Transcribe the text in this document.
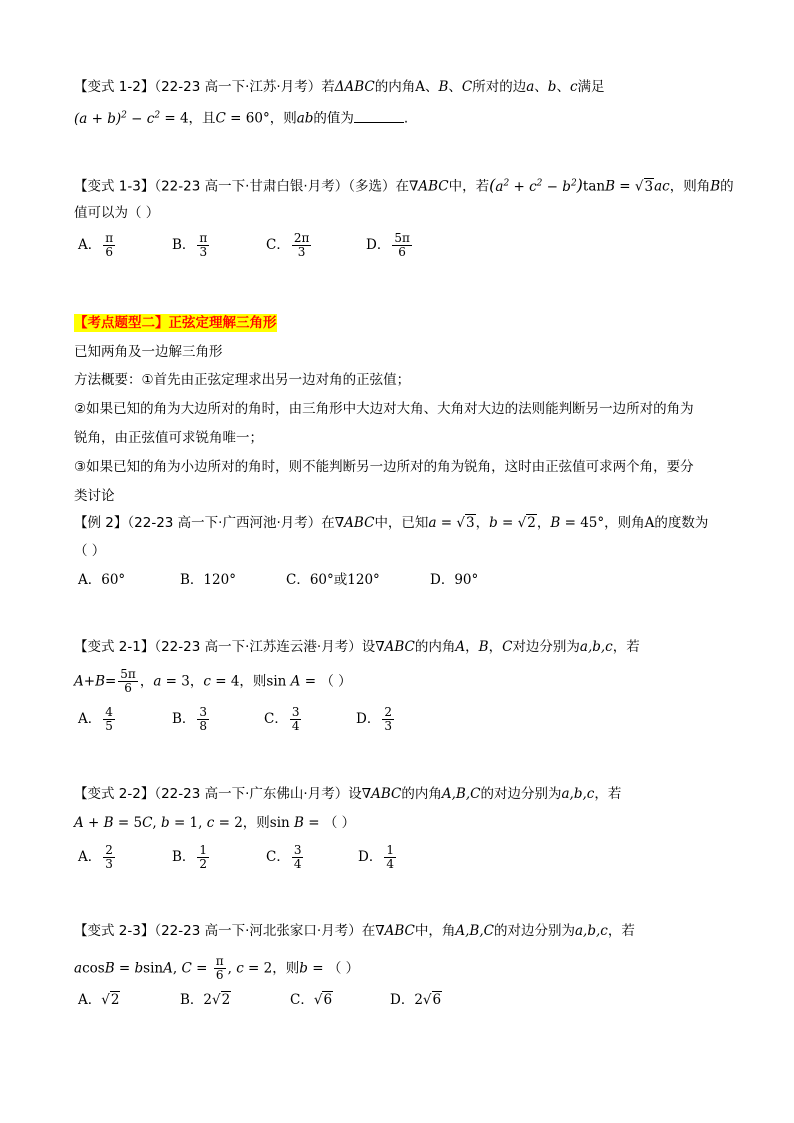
【变式 1-2】（22-23 高一下·江苏·月考）若ΔABC的内角A、B、C所对的边a、b、c满足
$(a + b)^2 - c^2 = 4$，且C = 60°，则ab的值为	.
【变式 1-3】（22-23 高一下·甘肃白银·月考）（多选）在∇ABC中，若$(a^2 + c^2 - b^2)\tan B = √3ac$，则角B的
值可以为（ ）
A． $\frac{\pi}{6}$	B． $\frac{\pi}{3}$	C． $\frac{2\pi}{3}$	D． $\frac{5\pi}{6}$
【考点题型二】正弦定理解三角形
已知两角及一边解三角形
方法概要：①首先由正弦定理求出另一边对角的正弦值；
②如果已知的角为大边所对的角时，由三角形中大边对大角、大角对大边的法则能判断另一边所对的角为
锐角，由正弦值可求锐角唯一；
③如果已知的角为小边所对的角时，则不能判断另一边所对的角为锐角，这时由正弦值可求两个角，要分
类讨论
【例 2】（22-23 高一下·广西河池·月考）在∇ABC中，已知a = √3，b = √2，B = 45°，则角A的度数为
（ ）
A．60°	B．120°	C．60°或120°	D．90°
【变式 2-1】（22-23 高一下·江苏连云港·月考）设∇ABC的内角A，B，C对边分别为a,b,c，若
$A+B= \frac{5\pi}{6}$ ，a = 3，c = 4，则sin A = （ ）
A． $\frac{4}{5}$	B． $\frac{3}{8}$	C． $\frac{3}{4}$	D． $\frac{2}{3}$
【变式 2-2】（22-23 高一下·广东佛山·月考）设∇ABC的内角A,B,C的对边分别为a,b,c，若
A + B = 5C, b = 1, c = 2，则sin B = （ ）
A． $\frac{2}{3}$	B． $\frac{1}{2}$	C． $\frac{3}{4}$	D． $\frac{1}{4}$
【变式 2-3】（22-23 高一下·河北张家口·月考）在∇ABC中，角A,B,C的对边分别为a,b,c，若
acosB = bsinA, $C = \frac{\pi}{6}$ , c = 2，则b = （ ）
A．√2	B．2√2	C．√6	D．2√6
